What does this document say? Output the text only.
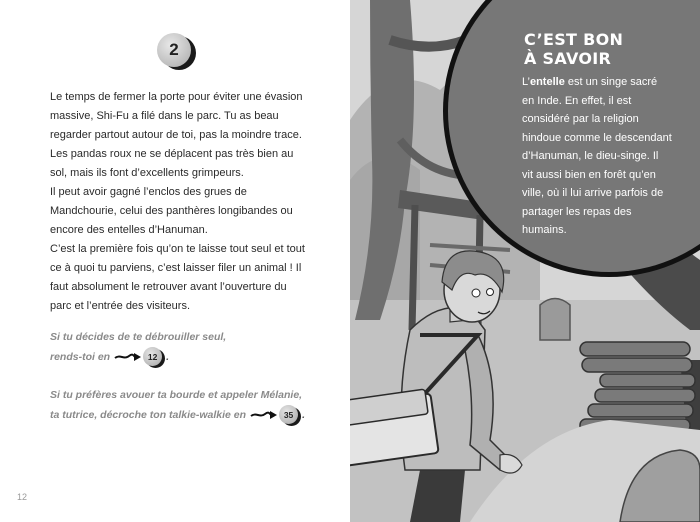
2

Le temps de fermer la porte pour éviter une évasion massive, Shi-Fu a filé dans le parc. Tu as beau regarder partout autour de toi, pas la moindre trace. Les pandas roux ne se déplacent pas très bien au sol, mais ils font d’excellents grimpeurs.

Il peut avoir gagné l’enclos des grues de Mandchourie, celui des panthères longibandes ou encore des entelles d’Hanuman.

C’est la première fois qu’on te laisse tout seul et tout ce à quoi tu parviens, c’est laisser filer un animal ! Il faut absolument le retrouver avant l’ouverture du parc et l’entrée des visiteurs.

Si tu décides de te débrouiller seul,
rends-toi en	12 .
Si tu préfères avouer ta bourde et appeler Mélanie,
ta tutrice, décroche ton talkie-walkie en	35 .
12
C’EST BON
À SAVOIR
L’entelle est un singe sacré en Inde. En effet, il est considéré par la religion hindoue comme le descendant d’Hanuman, le dieu-singe. Il vit aussi bien en forêt qu’en ville, où il lui arrive parfois de partager les repas des humains.
